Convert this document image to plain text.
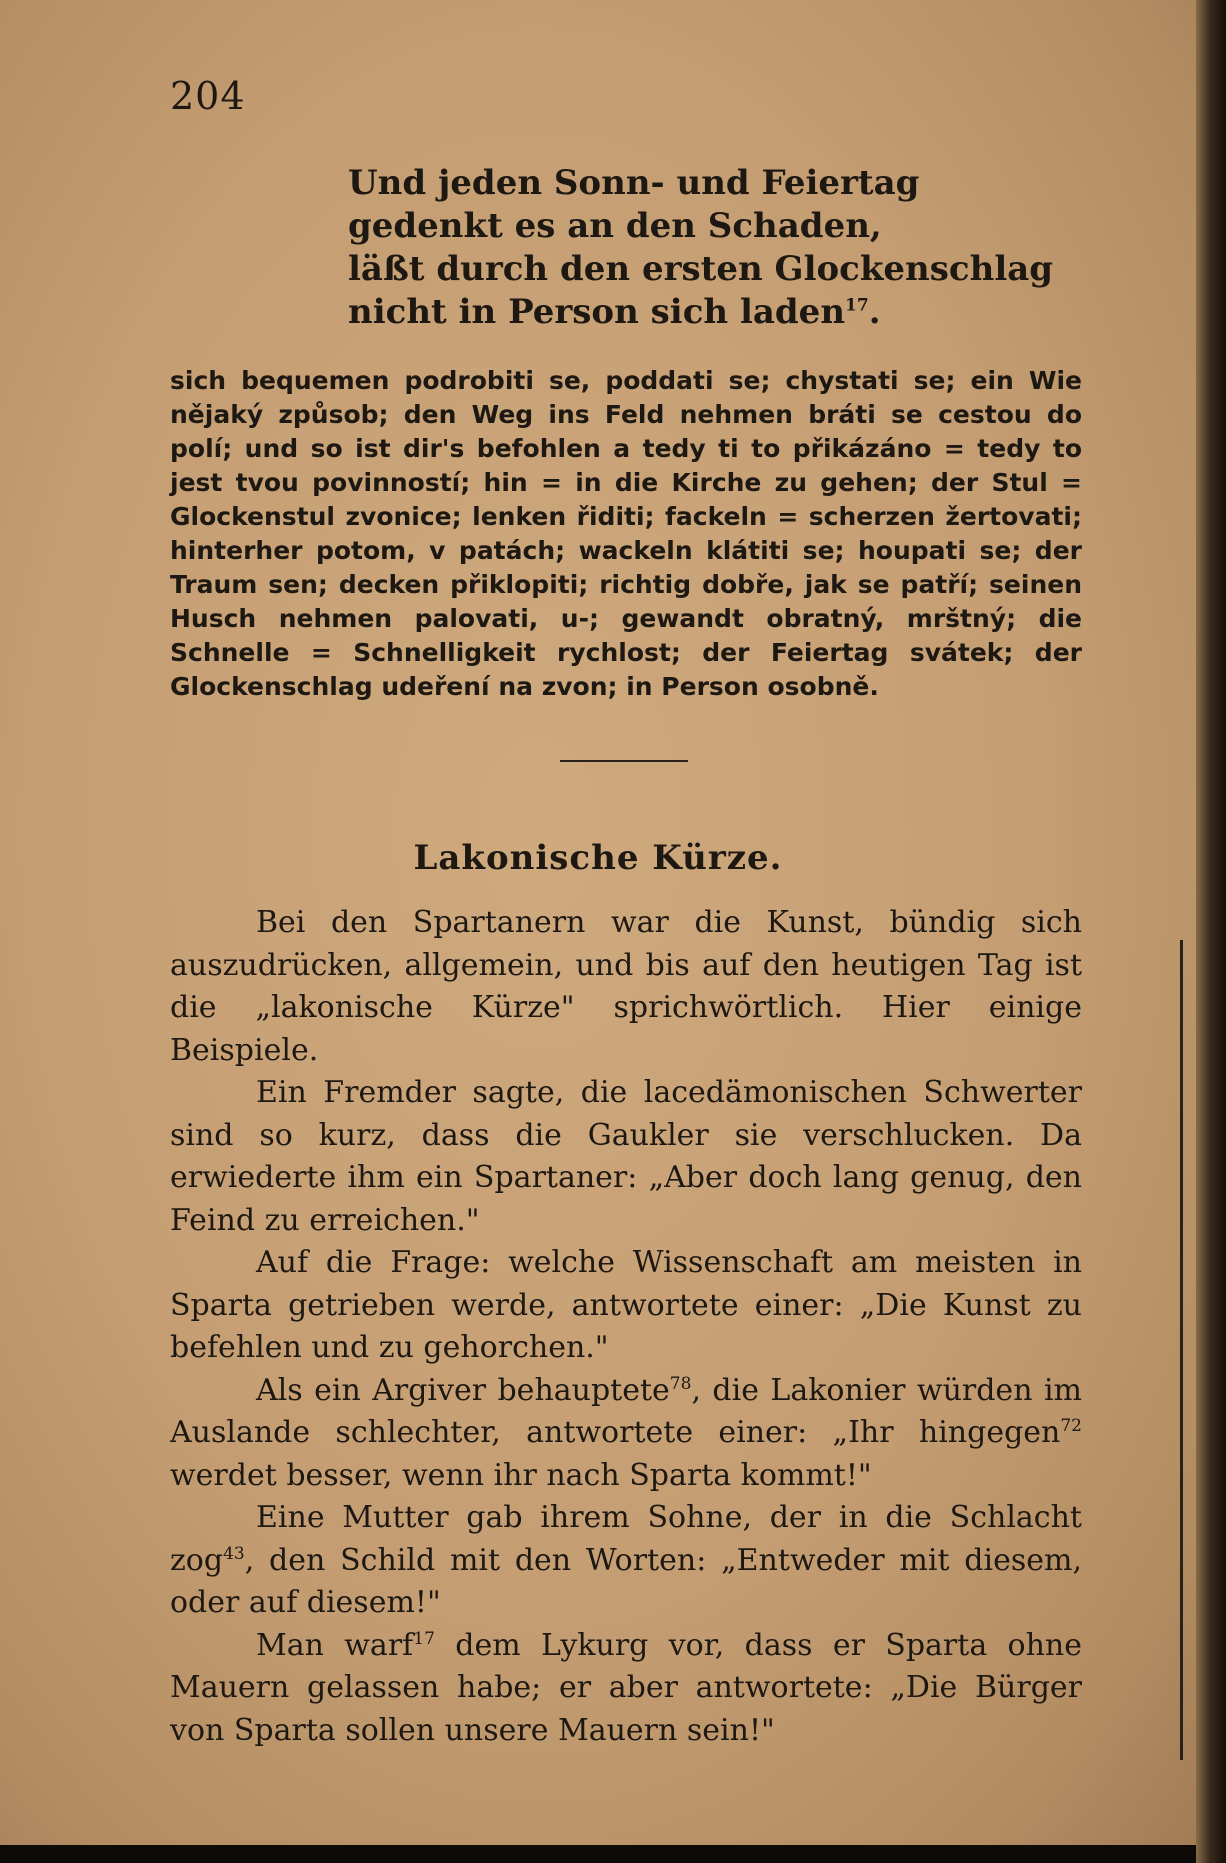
204
Und jeden Sonn- und Feiertag
gedenkt es an den Schaden,
läßt durch den ersten Glockenschlag
nicht in Person sich laden$^{17}$.

sich bequemen podrobiti se, poddati se; chystati se; ein Wie nějaký způsob; den Weg ins Feld nehmen bráti se cestou do polí; und so ist dir's befohlen a tedy ti to přikázáno = tedy to jest tvou povinností; hin = in die Kirche zu gehen; der Stul = Glockenstul zvonice; lenken řiditi; fackeln = scherzen žertovati; hinterher potom, v patách; wackeln klátiti se; houpati se; der Traum sen; decken přiklopiti; richtig dobře, jak se patří; seinen Husch nehmen palovati, u-; gewandt obratný, mrštný; die Schnelle = Schnelligkeit rychlost; der Feiertag svátek; der Glockenschlag udeření na zvon; in Person osobně.

Lakonische Kürze.

Bei den Spartanern war die Kunst, bündig sich auszudrücken, allgemein, und bis auf den heutigen Tag ist die „lakonische Kürze" sprichwörtlich. Hier einige Beispiele.

Ein Fremder sagte, die lacedämonischen Schwerter sind so kurz, dass die Gaukler sie verschlucken. Da erwiederte ihm ein Spartaner: „Aber doch lang genug, den Feind zu erreichen."

Auf die Frage: welche Wissenschaft am meisten in Sparta getrieben werde, antwortete einer: „Die Kunst zu befehlen und zu gehorchen."

Als ein Argiver behauptete$^{78}$, die Lakonier würden im Auslande schlechter, antwortete einer: „Ihr hingegen$^{72}$ werdet besser, wenn ihr nach Sparta kommt!"

Eine Mutter gab ihrem Sohne, der in die Schlacht zog$^{43}$, den Schild mit den Worten: „Entweder mit diesem, oder auf diesem!"

Man warf$^{17}$ dem Lykurg vor, dass er Sparta ohne Mauern gelassen habe; er aber antwortete: „Die Bürger von Sparta sollen unsere Mauern sein!"
